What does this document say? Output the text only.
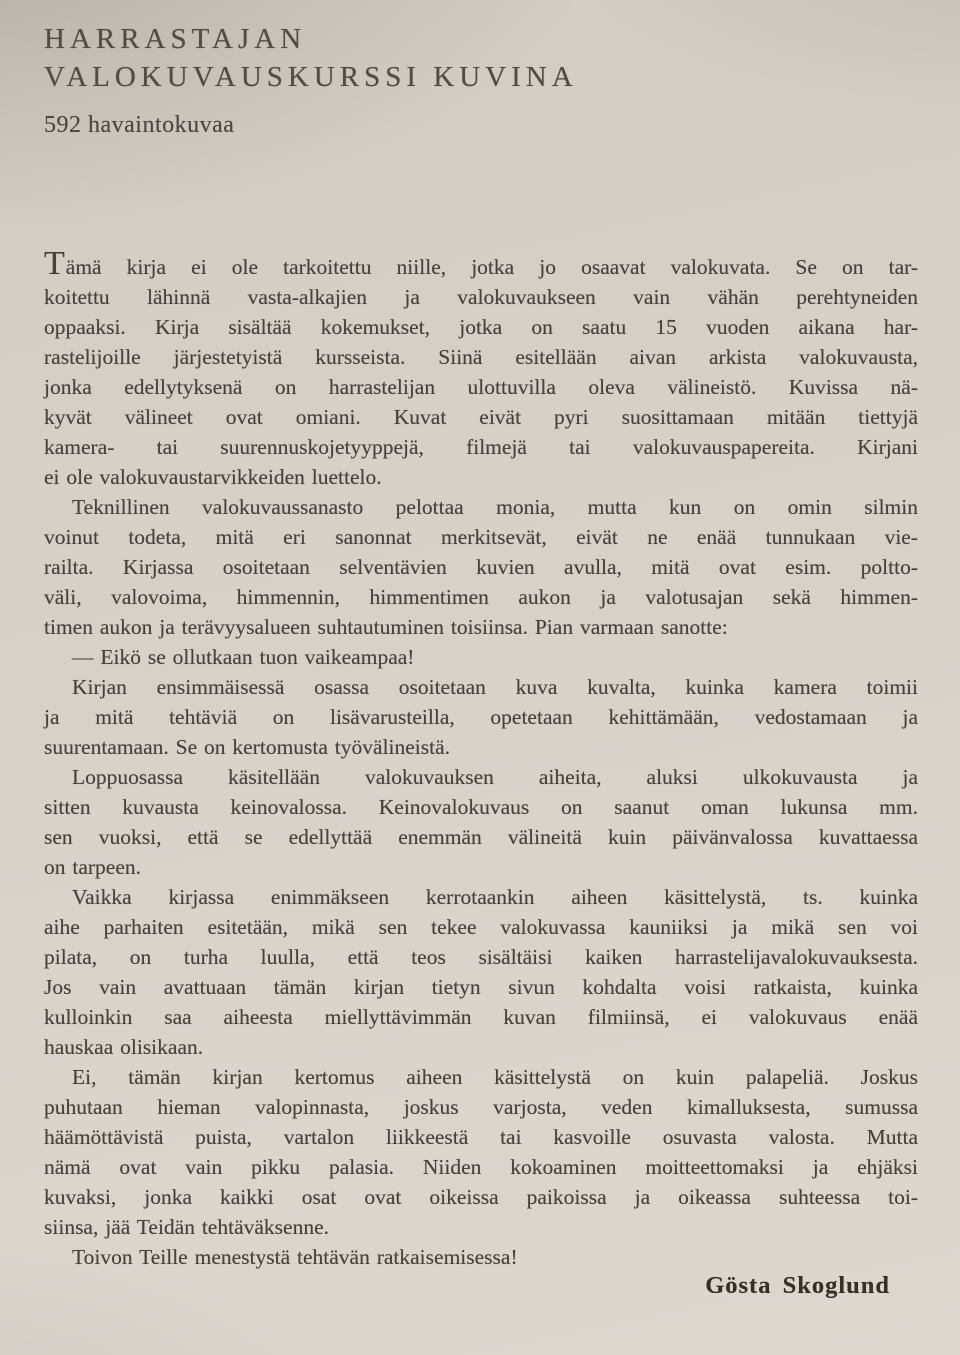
HARRASTAJAN
VALOKUVAUSKURSSI KUVINA
592 havaintokuvaa
Tämä kirja ei ole tarkoitettu niille, jotka jo osaavat valokuvata. Se on tar-
koitettu lähinnä vasta-alkajien ja valokuvaukseen vain vähän perehtyneiden
oppaaksi. Kirja sisältää kokemukset, jotka on saatu 15 vuoden aikana har-
rastelijoille järjestetyistä kursseista. Siinä esitellään aivan arkista valokuvausta,
jonka edellytyksenä on harrastelijan ulottuvilla oleva välineistö. Kuvissa nä-
kyvät välineet ovat omiani. Kuvat eivät pyri suosittamaan mitään tiettyjä
kamera- tai suurennuskojetyyppejä, filmejä tai valokuvauspapereita. Kirjani
ei ole valokuvaustarvikkeiden luettelo.
Teknillinen valokuvaussanasto pelottaa monia, mutta kun on omin silmin
voinut todeta, mitä eri sanonnat merkitsevät, eivät ne enää tunnukaan vie-
railta. Kirjassa osoitetaan selventävien kuvien avulla, mitä ovat esim. poltto-
väli, valovoima, himmennin, himmentimen aukon ja valotusajan sekä himmen-
timen aukon ja terävyysalueen suhtautuminen toisiinsa. Pian varmaan sanotte:
— Eikö se ollutkaan tuon vaikeampaa!
Kirjan ensimmäisessä osassa osoitetaan kuva kuvalta, kuinka kamera toimii
ja mitä tehtäviä on lisävarusteilla, opetetaan kehittämään, vedostamaan ja
suurentamaan. Se on kertomusta työvälineistä.
Loppuosassa käsitellään valokuvauksen aiheita, aluksi ulkokuvausta ja
sitten kuvausta keinovalossa. Keinovalokuvaus on saanut oman lukunsa mm.
sen vuoksi, että se edellyttää enemmän välineitä kuin päivänvalossa kuvattaessa
on tarpeen.
Vaikka kirjassa enimmäkseen kerrotaankin aiheen käsittelystä, ts. kuinka
aihe parhaiten esitetään, mikä sen tekee valokuvassa kauniiksi ja mikä sen voi
pilata, on turha luulla, että teos sisältäisi kaiken harrastelijavalokuvauksesta.
Jos vain avattuaan tämän kirjan tietyn sivun kohdalta voisi ratkaista, kuinka
kulloinkin saa aiheesta miellyttävimmän kuvan filmiinsä, ei valokuvaus enää
hauskaa olisikaan.
Ei, tämän kirjan kertomus aiheen käsittelystä on kuin palapeliä. Joskus
puhutaan hieman valopinnasta, joskus varjosta, veden kimalluksesta, sumussa
häämöttävistä puista, vartalon liikkeestä tai kasvoille osuvasta valosta. Mutta
nämä ovat vain pikku palasia. Niiden kokoaminen moitteettomaksi ja ehjäksi
kuvaksi, jonka kaikki osat ovat oikeissa paikoissa ja oikeassa suhteessa toi-
siinsa, jää Teidän tehtäväksenne.
Toivon Teille menestystä tehtävän ratkaisemisessa!
Gösta Skoglund
